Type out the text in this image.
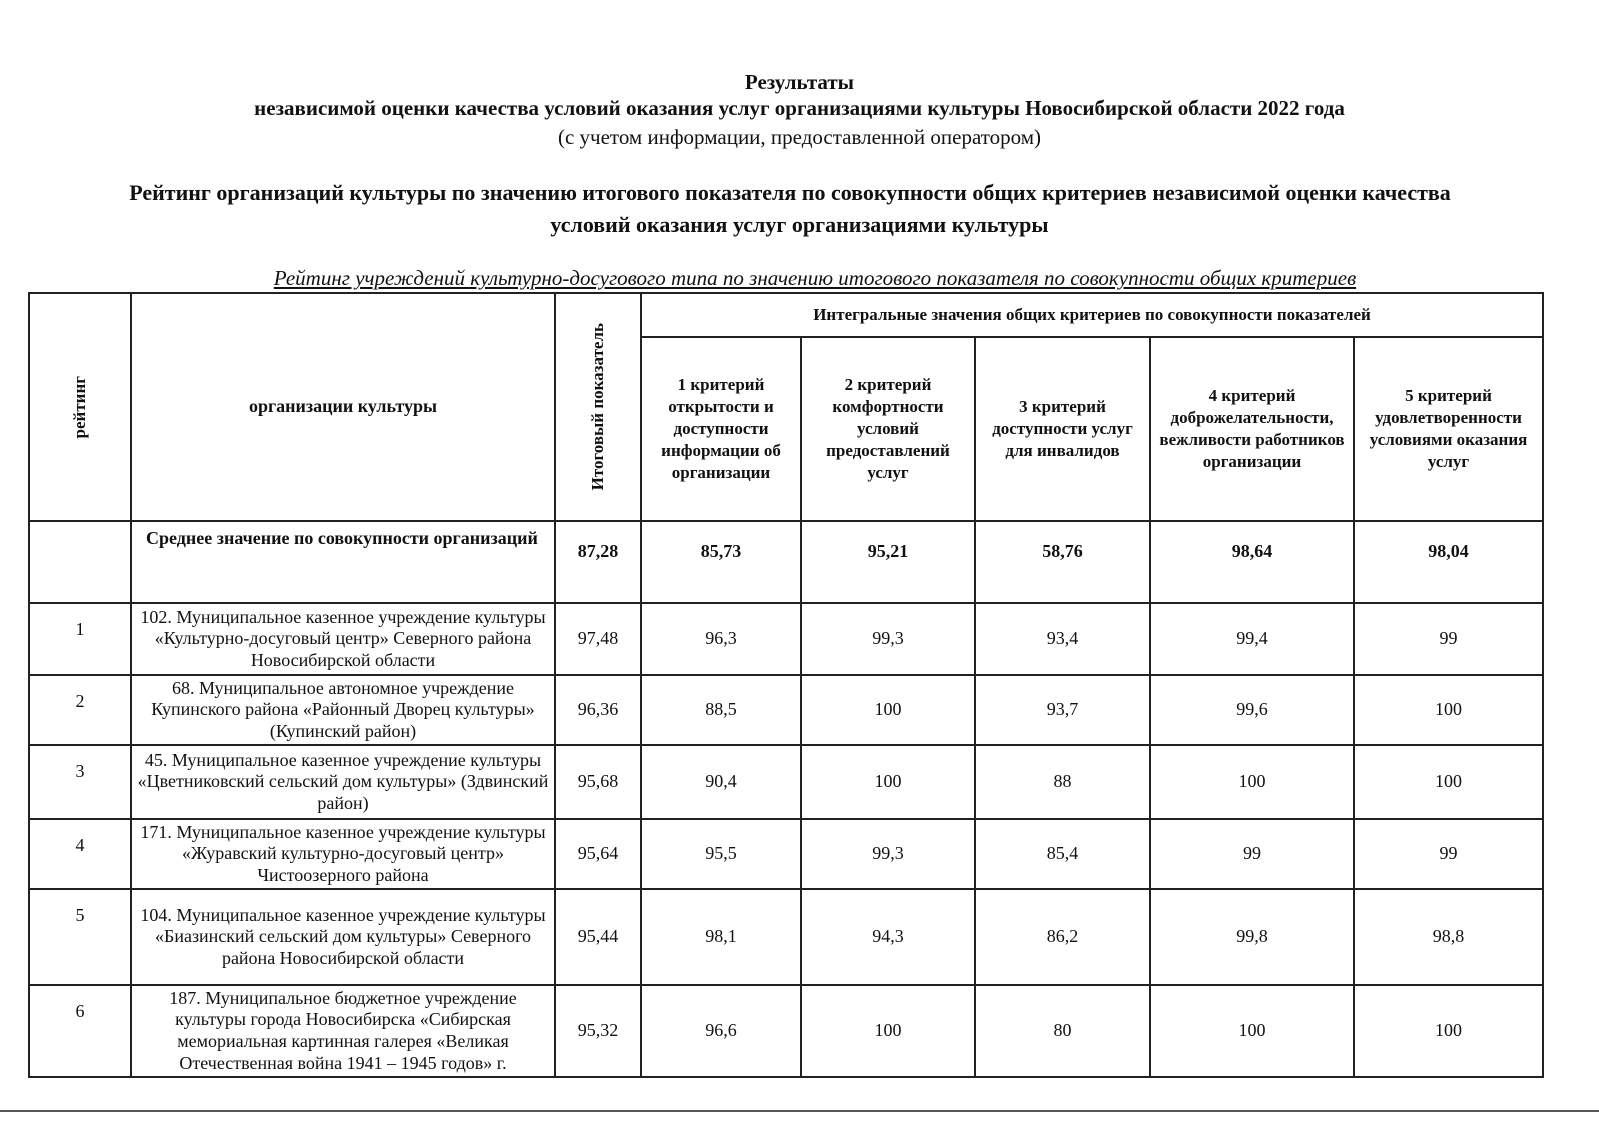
Результаты
независимой оценки качества условий оказания услуг организациями культуры Новосибирской области 2022 года
(с учетом информации, предоставленной оператором)
Рейтинг организаций культуры по значению итогового показателя по совокупности общих критериев независимой оценки качества
условий оказания услуг организациями культуры
Рейтинг учреждений культурно-досугового типа по значению итогового показателя по совокупности общих критериев
рейтинг	организации культуры	Итоговый показатель	Интегральные значения общих критериев по совокупности показателей				
			1 критерий открытости и доступности информации об организации	2 критерий комфортности условий предоставлений услуг	3 критерий доступности услуг для инвалидов	4 критерий доброжелательности, вежливости работников организации	5 критерий удовлетворенности условиями оказания услуг
	Среднее значение по совокупности организаций	87,28	85,73	95,21	58,76	98,64	98,04
1	102. Муниципальное казенное учреждение культуры «Культурно-досуговый центр» Северного района Новосибирской области	97,48	96,3	99,3	93,4	99,4	99
2	68. Муниципальное автономное учреждение Купинского района «Районный Дворец культуры» (Купинский район)	96,36	88,5	100	93,7	99,6	100
3	45. Муниципальное казенное учреждение культуры «Цветниковский сельский дом культуры» (Здвинский район)	95,68	90,4	100	88	100	100
4	171. Муниципальное казенное учреждение культуры «Журавский культурно-досуговый центр» Чистоозерного района	95,64	95,5	99,3	85,4	99	99
5	104. Муниципальное казенное учреждение культуры «Биазинский сельский дом культуры» Северного района Новосибирской области	95,44	98,1	94,3	86,2	99,8	98,8
6	187. Муниципальное бюджетное учреждение культуры города Новосибирска «Сибирская мемориальная картинная галерея «Великая Отечественная война 1941 – 1945 годов» г.	95,32	96,6	100	80	100	100
